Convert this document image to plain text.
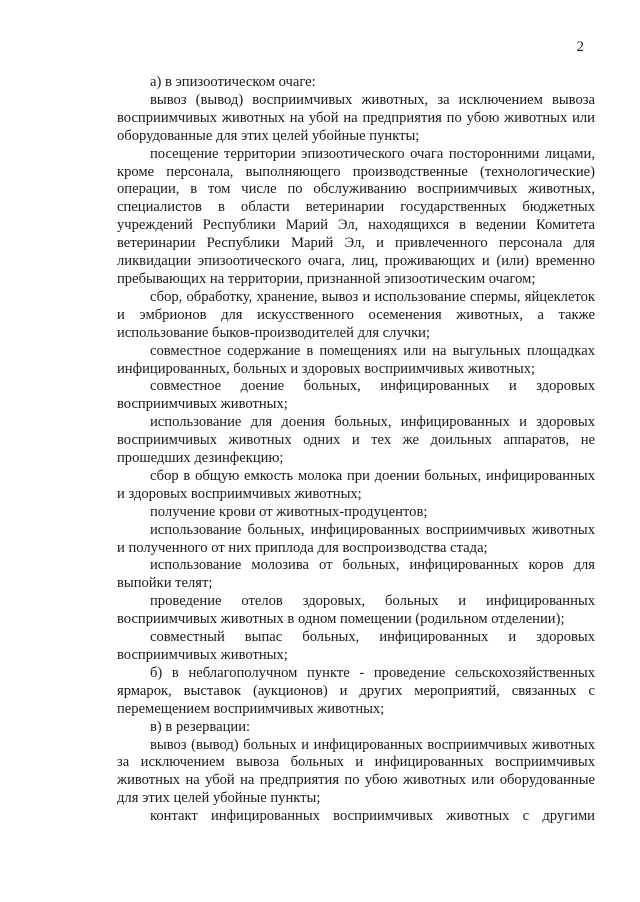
2

а) в эпизоотическом очаге:

вывоз (вывод) восприимчивых животных, за исключением вывоза восприимчивых животных на убой на предприятия по убою животных или оборудованные для этих целей убойные пункты;

посещение территории эпизоотического очага посторонними лицами, кроме персонала, выполняющего производственные (технологические) операции, в том числе по обслуживанию восприимчивых животных, специалистов в области ветеринарии государственных бюджетных учреждений Республики Марий Эл, находящихся в ведении Комитета ветеринарии Республики Марий Эл, и привлеченного персонала для ликвидации эпизоотического очага, лиц, проживающих и (или) временно пребывающих на территории, признанной эпизоотическим очагом;

сбор, обработку, хранение, вывоз и использование спермы, яйцеклеток и эмбрионов для искусственного осеменения животных, а также использование быков-производителей для случки;

совместное содержание в помещениях или на выгульных площадках инфицированных, больных и здоровых восприимчивых животных;

совместное доение больных, инфицированных и здоровых восприимчивых животных;

использование для доения больных, инфицированных и здоровых восприимчивых животных одних и тех же доильных аппаратов, не прошедших дезинфекцию;

сбор в общую емкость молока при доении больных, инфицированных и здоровых восприимчивых животных;

получение крови от животных-продуцентов;

использование больных, инфицированных восприимчивых животных и полученного от них приплода для воспроизводства стада;

использование молозива от больных, инфицированных коров для выпойки телят;

проведение отелов здоровых, больных и инфицированных восприимчивых животных в одном помещении (родильном отделении);

совместный выпас больных, инфицированных и здоровых восприимчивых животных;

б) в неблагополучном пункте - проведение сельскохозяйственных ярмарок, выставок (аукционов) и других мероприятий, связанных с перемещением восприимчивых животных;

в) в резервации:

вывоз (вывод) больных и инфицированных восприимчивых животных за исключением вывоза больных и инфицированных восприимчивых животных на убой на предприятия по убою животных или оборудованные для этих целей убойные пункты;

контакт инфицированных восприимчивых животных с другими
